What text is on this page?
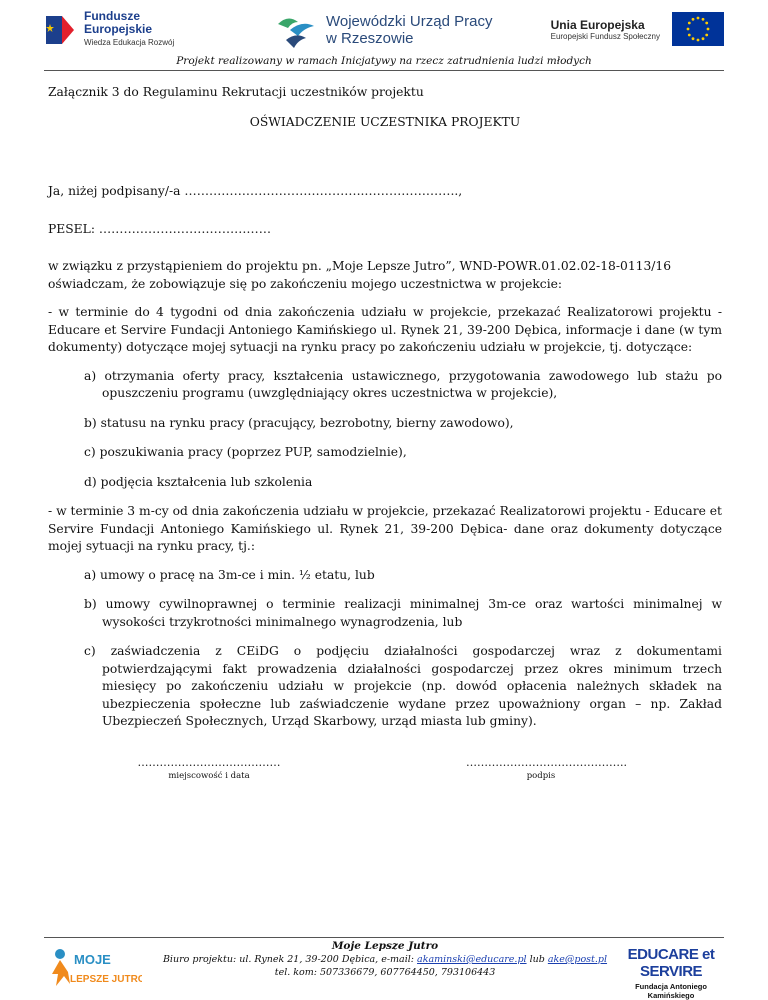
Fundusze
Europejskie
Wiedza Edukacja Rozwój
Wojewódzki Urząd Pracy
w Rzeszowie
Unia Europejska
Europejski Fundusz Społeczny
Projekt realizowany w ramach Inicjatywy na rzecz zatrudnienia ludzi młodych
Załącznik 3 do Regulaminu Rekrutacji uczestników projektu
OŚWIADCZENIE UCZESTNIKA PROJEKTU

Ja, niżej podpisany/-a ……………………………………..…………………..,

PESEL: ……………………………………

w związku z przystąpieniem do projektu pn. „Moje Lepsze Jutro”, WND-POWR.01.02.02-18-0113/16
oświadczam, że zobowiązuje się po zakończeniu mojego uczestnictwa w projekcie:

- w terminie do 4 tygodni od dnia zakończenia udziału w projekcie, przekazać Realizatorowi projektu - Educare et Servire Fundacji Antoniego Kamińskiego ul. Rynek 21, 39-200 Dębica, informacje i dane (w tym dokumenty) dotyczące mojej sytuacji na rynku pracy po zakończeniu udziału w projekcie, tj. dotyczące:

a) otrzymania oferty pracy, kształcenia ustawicznego, przygotowania zawodowego lub stażu po opuszczeniu programu (uwzględniający okres uczestnictwa w projekcie),
b) statusu na rynku pracy (pracujący, bezrobotny, bierny zawodowo),
c) poszukiwania pracy (poprzez PUP, samodzielnie),
d) podjęcia kształcenia lub szkolenia

- w terminie 3 m-cy od dnia zakończenia udziału w projekcie, przekazać Realizatorowi projektu - Educare et Servire Fundacji Antoniego Kamińskiego ul. Rynek 21, 39-200 Dębica- dane oraz dokumenty dotyczące mojej sytuacji na rynku pracy, tj.:

a) umowy o pracę na 3m-ce i min. ½ etatu, lub
b) umowy cywilnoprawnej o terminie realizacji minimalnej 3m-ce oraz wartości minimalnej w wysokości trzykrotności minimalnego wynagrodzenia, lub
c) zaświadczenia z CEiDG o podjęciu działalności gospodarczej wraz z dokumentami potwierdzającymi fakt prowadzenia działalności gospodarczej przez okres minimum trzech miesięcy po zakończeniu udziału w projekcie (np. dowód opłacenia należnych składek na ubezpieczenia społeczne lub zaświadczenie wydane przez upoważniony organ – np. Zakład Ubezpieczeń Społecznych, Urząd Skarbowy, urząd miasta lub gminy).
…………………………………
miejscowość i data
……………………………………..
podpis
MOJE
LEPSZE JUTRO
Moje Lepsze Jutro
Biuro projektu: ul. Rynek 21, 39-200 Dębica, e-mail: akaminski@educare.pl lub ake@post.pl
tel. kom: 507336679, 607764450, 793106443
EDUCARE et SERVIRE
Fundacja Antoniego Kamińskiego
